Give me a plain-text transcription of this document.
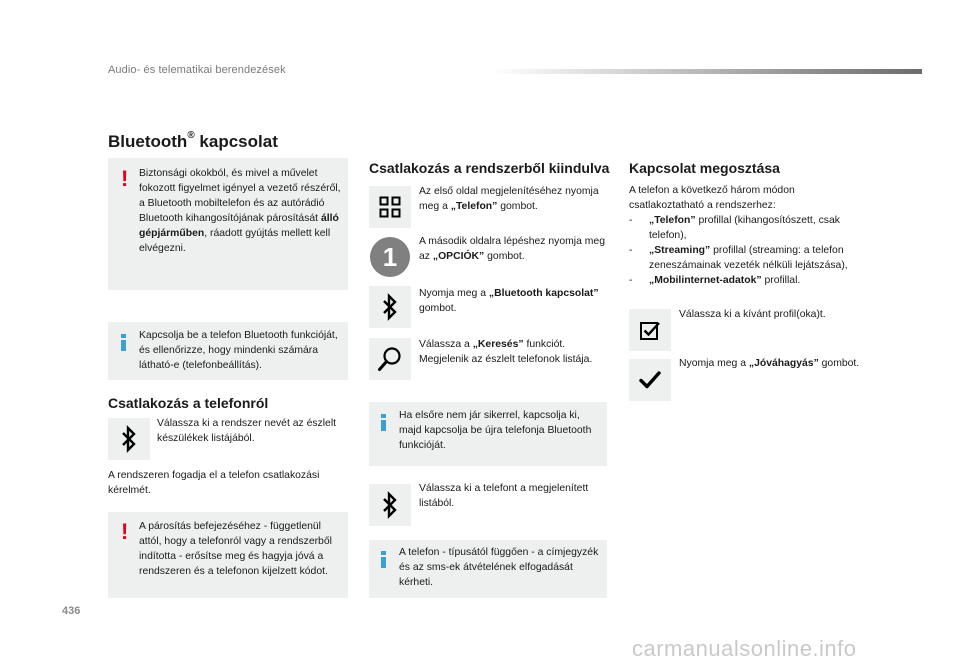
Audio- és telematikai berendezések
Bluetooth® kapcsolat
! Biztonsági okokból, és mivel a művelet fokozott figyelmet igényel a vezető részéről, a Bluetooth mobiltelefon és az autórádió Bluetooth kihangosítójának párosítását álló gépjárműben, ráadott gyújtás mellett kell elvégezni.
Kapcsolja be a telefon Bluetooth funkcióját, és ellenőrizze, hogy mindenki számára látható-e (telefonbeállítás).
Csatlakozás a telefonról
Válassza ki a rendszer nevét az észlelt készülékek listájából.
A rendszeren fogadja el a telefon csatlakozási kérelmét.
! A párosítás befejezéséhez - függetlenül attól, hogy a telefonról vagy a rendszerből indította - erősítse meg és hagyja jóvá a rendszeren és a telefonon kijelzett kódot.
Csatlakozás a rendszerből kiindulva
Az első oldal megjelenítéséhez nyomja meg a „Telefon” gombot.
1	A második oldalra lépéshez nyomja meg az „OPCIÓK” gombot.
Nyomja meg a „Bluetooth kapcsolat” gombot.
Válassza a „Keresés” funkciót. Megjelenik az észlelt telefonok listája.
Ha elsőre nem jár sikerrel, kapcsolja ki, majd kapcsolja be újra telefonja Bluetooth funkcióját.
Válassza ki a telefont a megjelenített listából.
A telefon - típusától függően - a címjegyzék és az sms-ek átvételének elfogadását kérheti.
Kapcsolat megosztása
A telefon a következő három módon csatlakoztatható a rendszerhez:
- „Telefon” profillal (kihangosítószett, csak telefon),
- „Streaming” profillal (streaming: a telefon zeneszámainak vezeték nélküli lejátszása),
- „Mobilinternet-adatok” profillal.
Válassza ki a kívánt profil(oka)t.
Nyomja meg a „Jóváhagyás” gombot.
436
carmanualsonline.info
